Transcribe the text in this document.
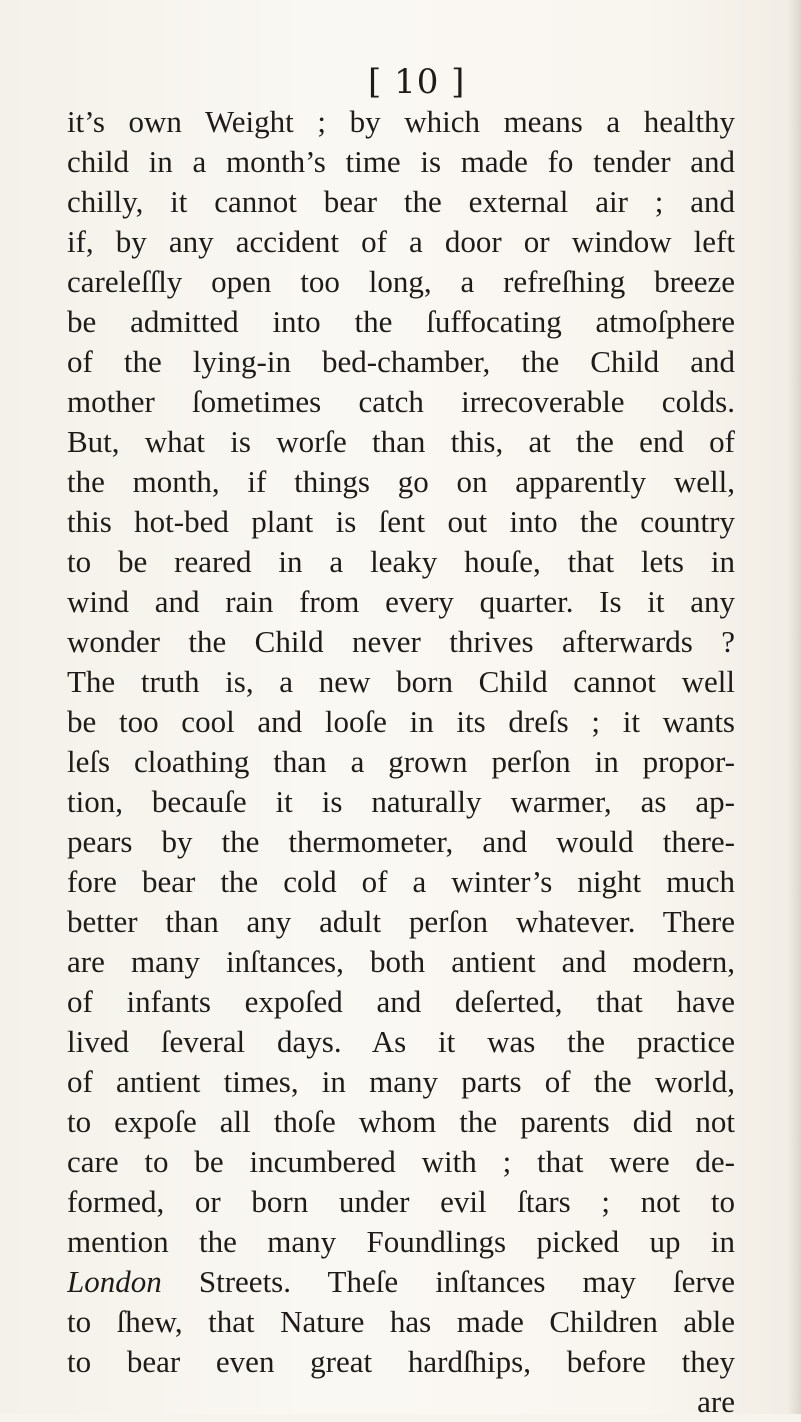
[ 10 ]
it’s own Weight ; by which means a healthy
child in a month’s time is made fo tender and
chilly, it cannot bear the external air ; and
if, by any accident of a door or window left
careleſſly open too long, a refreſhing breeze
be admitted into the ſuffocating atmoſphere
of the lying-in bed-chamber, the Child and
mother ſometimes catch irrecoverable colds.
But, what is worſe than this, at the end of
the month, if things go on apparently well,
this hot-bed plant is ſent out into the country
to be reared in a leaky houſe, that lets in
wind and rain from every quarter. Is it any
wonder the Child never thrives afterwards ?
The truth is, a new born Child cannot well
be too cool and looſe in its dreſs ; it wants
leſs cloathing than a grown perſon in propor-
tion, becauſe it is naturally warmer, as ap-
pears by the thermometer, and would there-
fore bear the cold of a winter’s night much
better than any adult perſon whatever. There
are many inſtances, both antient and modern,
of infants expoſed and deſerted, that have
lived ſeveral days. As it was the practice
of antient times, in many parts of the world,
to expoſe all thoſe whom the parents did not
care to be incumbered with ; that were de-
formed, or born under evil ſtars ; not to
mention the many Foundlings picked up in
London Streets. Theſe inſtances may ſerve
to ſhew, that Nature has made Children able
to bear even great hardſhips, before they
are
